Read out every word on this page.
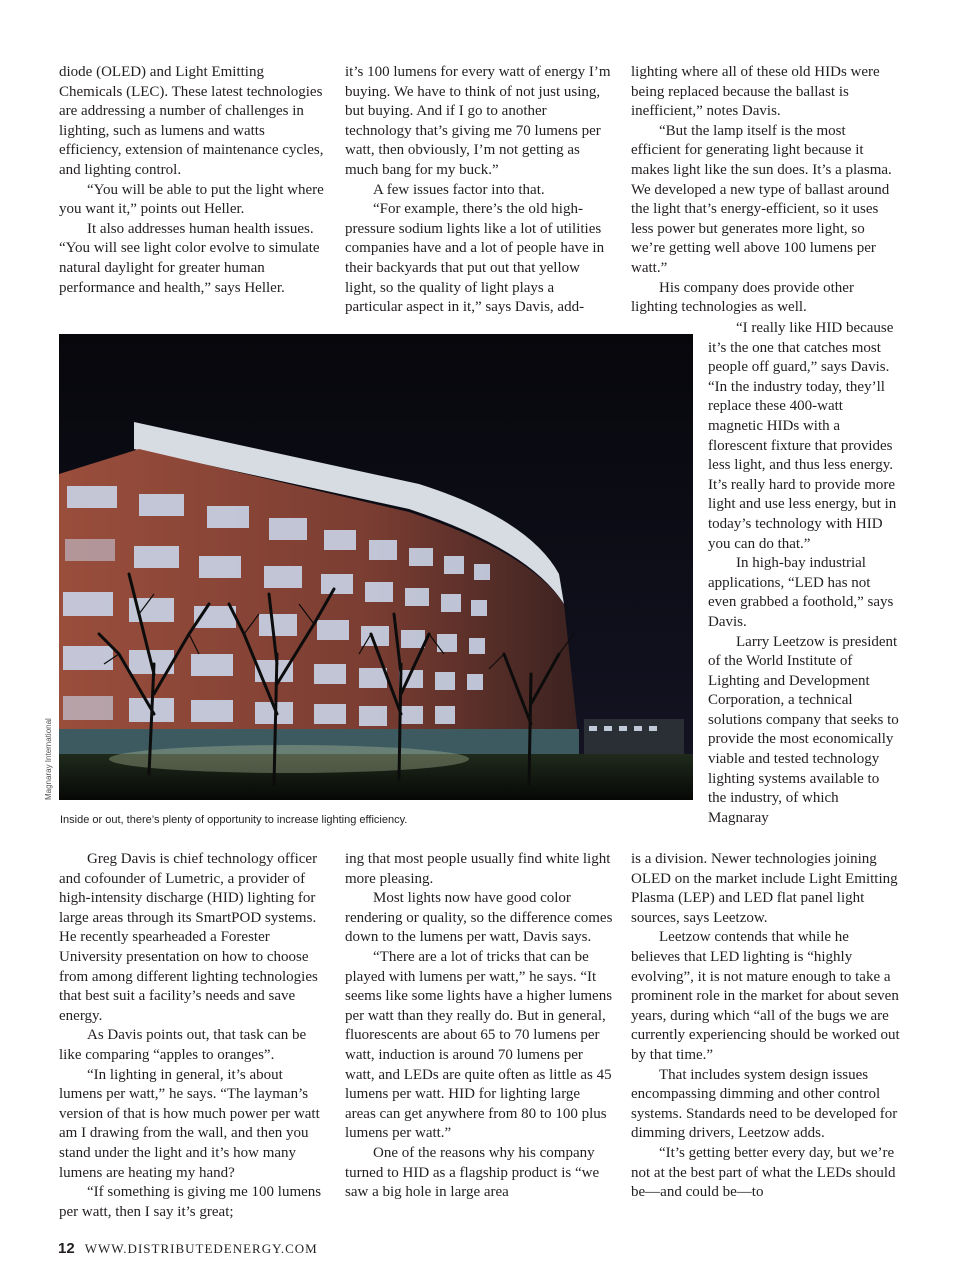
diode (OLED) and Light Emitting Chemicals (LEC). These latest technologies are addressing a number of challenges in lighting, such as lumens and watts efficiency, extension of maintenance cycles, and lighting control.

“You will be able to put the light where you want it,” points out Heller.

It also addresses human health issues. “You will see light color evolve to simulate natural daylight for greater human performance and health,” says Heller.

it’s 100 lumens for every watt of energy I’m buying. We have to think of not just using, but buying. And if I go to another technology that’s giving me 70 lumens per watt, then obviously, I’m not getting as much bang for my buck.”

A few issues factor into that.

“For example, there’s the old high-pressure sodium lights like a lot of utilities companies have and a lot of people have in their backyards that put out that yellow light, so the quality of light plays a particular aspect in it,” says Davis, add-

lighting where all of these old HIDs were being replaced because the ballast is inefficient,” notes Davis.

“But the lamp itself is the most efficient for generating light because it makes light like the sun does. It’s a plasma. We developed a new type of ballast around the light that’s energy-efficient, so it uses less power but generates more light, so we’re getting well above 100 lumens per watt.”

His company does provide other lighting technologies as well.

“I really like HID because it’s the one that catches most people off guard,” says Davis. “In the industry today, they’ll replace these 400-watt magnetic HIDs with a florescent fixture that provides less light, and thus less energy. It’s really hard to provide more light and use less energy, but in today’s technology with HID you can do that.”

In high-bay industrial applications, “LED has not even grabbed a foothold,” says Davis.

Larry Leetzow is president of the World Institute of Lighting and Development Corporation, a technical solutions company that seeks to provide the most economically viable and tested technology lighting systems available to the industry, of which Magnaray

Magnaray International
Inside or out, there’s plenty of opportunity to increase lighting efficiency.

Greg Davis is chief technology officer and cofounder of Lumetric, a provider of high-intensity discharge (HID) lighting for large areas through its SmartPOD systems. He recently spearheaded a Forester University presentation on how to choose from among different lighting technologies that best suit a facility’s needs and save energy.

As Davis points out, that task can be like comparing “apples to oranges”.

“In lighting in general, it’s about lumens per watt,” he says. “The layman’s version of that is how much power per watt am I drawing from the wall, and then you stand under the light and it’s how many lumens are heating my hand?

“If something is giving me 100 lumens per watt, then I say it’s great;

ing that most people usually find white light more pleasing.

Most lights now have good color rendering or quality, so the difference comes down to the lumens per watt, Davis says.

“There are a lot of tricks that can be played with lumens per watt,” he says. “It seems like some lights have a higher lumens per watt than they really do. But in general, fluorescents are about 65 to 70 lumens per watt, induction is around 70 lumens per watt, and LEDs are quite often as little as 45 lumens per watt. HID for lighting large areas can get anywhere from 80 to 100 plus lumens per watt.”

One of the reasons why his company turned to HID as a flagship product is “we saw a big hole in large area

is a division. Newer technologies joining OLED on the market include Light Emitting Plasma (LEP) and LED flat panel light sources, says Leetzow.

Leetzow contends that while he believes that LED lighting is “highly evolving”, it is not mature enough to take a prominent role in the market for about seven years, during which “all of the bugs we are currently experiencing should be worked out by that time.”

That includes system design issues encompassing dimming and other control systems. Standards need to be developed for dimming drivers, Leetzow adds.

“It’s getting better every day, but we’re not at the best part of what the LEDs should be—and could be—to

12 WWW.DISTRIBUTEDENERGY.COM
